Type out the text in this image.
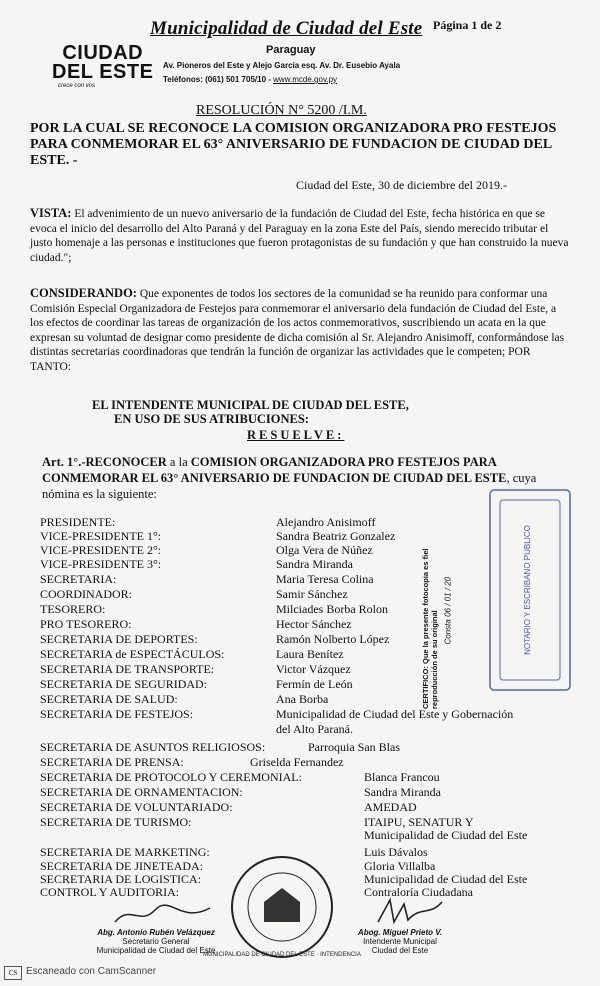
CIUDAD
DEL ESTE
crece con vos
Municipalidad de Ciudad del Este Página 1 de 2
Paraguay
Av. Pioneros del Este y Alejo García esq. Av. Dr. Eusebio Ayala
Teléfonos: (061) 501 705/10 - www.mcde.gov.py
RESOLUCIÓN N° 5200 /I.M.
POR LA CUAL SE RECONOCE LA COMISION ORGANIZADORA PRO FESTEJOS PARA CONMEMORAR EL 63° ANIVERSARIO DE FUNDACION DE CIUDAD DEL ESTE. -
Ciudad del Este, 30 de diciembre del 2019.-
VISTA: El advenimiento de un nuevo aniversario de la fundación de Ciudad del Este, fecha histórica en que se evoca el inicio del desarrollo del Alto Paraná y del Paraguay en la zona Este del País, siendo merecido tributar el justo homenaje a las personas e instituciones que fueron protagonistas de su fundación y que han construido la nueva ciudad.";
CONSIDERANDO: Que exponentes de todos los sectores de la comunidad se ha reunido para conformar una Comisión Especial Organizadora de Festejos para conmemorar el aniversario dela fundación de Ciudad del Este, a los efectos de coordinar las tareas de organización de los actos conmemorativos, suscribiendo un acata en la que expresan su voluntad de designar como presidente de dicha comisión al Sr. Alejandro Anisimoff, conformándose las distintas secretarias coordinadoras que tendrán la función de organizar las actividades que le competen; POR TANTO:
EL INTENDENTE MUNICIPAL DE CIUDAD DEL ESTE,
EN USO DE SUS ATRIBUCIONES:
RESUELVE:
Art. 1°.-RECONOCER a la COMISION ORGANIZADORA PRO FESTEJOS PARA CONMEMORAR EL 63° ANIVERSARIO DE FUNDACION DE CIUDAD DEL ESTE, cuya nómina es la siguiente:
PRESIDENTE:	Alejandro Anisimoff
VICE-PRESIDENTE 1°:	Sandra Beatriz Gonzalez
VICE-PRESIDENTE 2°:	Olga Vera de Núñez
VICE-PRESIDENTE 3°:	Sandra Miranda
SECRETARIA:	Maria Teresa Colina
COORDINADOR:	Samir Sánchez
TESORERO:	Milciades Borba Rolon
PRO TESORERO:	Hector Sánchez
SECRETARIA DE DEPORTES:	Ramón Nolberto López
SECRETARIA de ESPECTÁCULOS:	Laura Benítez
SECRETARIA DE TRANSPORTE:	Victor Vázquez
SECRETARIA DE SEGURIDAD:	Fermín de León
SECRETARIA DE SALUD:	Ana Borba
SECRETARIA DE FESTEJOS:	Municipalidad de Ciudad del Este y Gobernación
del Alto Paraná.
SECRETARIA DE ASUNTOS RELIGIOSOS:	Parroquia San Blas
SECRETARIA DE PRENSA:	Griselda Fernandez
SECRETARIA DE PROTOCOLO Y CEREMONIAL:	Blanca Francou
SECRETARIA DE ORNAMENTACION:	Sandra Miranda
SECRETARIA DE VOLUNTARIADO:	AMEDAD
SECRETARIA DE TURISMO:	ITAIPU, SENATUR Y
Municipalidad de Ciudad del Este
SECRETARIA DE MARKETING:	Luis Dávalos
SECRETARIA DE JINETEADA:	Gloria Villalba
SECRETARIA DE LOGISTICA:	Municipalidad de Ciudad del Este
CONTROL Y AUDITORIA:	Contraloría Ciudadana
NOTARIO Y ESCRIBANO PUBLICO
CERTIFICO: Que la presente fotocopia es fiel reproducción de su original Consta 06 / 01 / 20
MUNICIPALIDAD DE CIUDAD DEL ESTE · INTENDENCIA
Abg. Antonio Rubén Velázquez
Secretario General
Municipalidad de Ciudad del Este
Abog. Miguel Prieto V.
Intendente Municipal
Ciudad del Este
CS Escaneado con CamScanner
